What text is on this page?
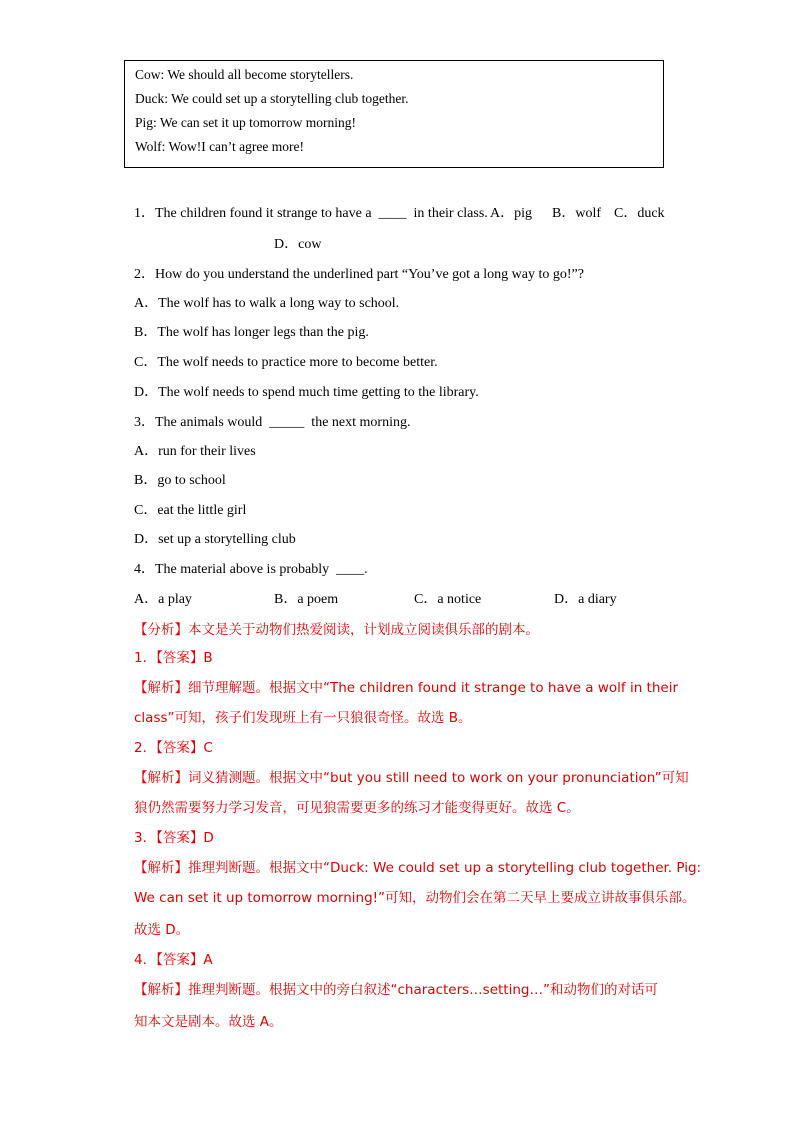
Cow: We should all become storytellers.
Duck: We could set up a storytelling club together.
Pig: We can set it up tomorrow morning!
Wolf: Wow!I can’t agree more!
1．The children found it strange to have a  ____  in their class. A．pig B．wolf C．duck
D．cow
2．How do you understand the underlined part “You’ve got a long way to go!”?
A．The wolf has to walk a long way to school.
B．The wolf has longer legs than the pig.
C．The wolf needs to practice more to become better.
D．The wolf needs to spend much time getting to the library.
3．The animals would  _____  the next morning.
A．run for their lives
B．go to school
C．eat the little girl
D．set up a storytelling club
4．The material above is probably  ____.
A．a play	B．a poem	C．a notice	D．a diary
【分析】本文是关于动物们热爱阅读，计划成立阅读俱乐部的剧本。
1．【答案】B
【解析】细节理解题。根据文中“The children found it strange to have a wolf in their
class”可知，孩子们发现班上有一只狼很奇怪。故选 B。
2．【答案】C
【解析】词义猜测题。根据文中“but you still need to work on your pronunciation”可知
狼仍然需要努力学习发音，可见狼需要更多的练习才能变得更好。故选 C。
3．【答案】D
【解析】推理判断题。根据文中“Duck: We could set up a storytelling club together. Pig:
We can set it up tomorrow morning!”可知，动物们会在第二天早上要成立讲故事俱乐部。
故选 D。
4．【答案】A
【解析】推理判断题。根据文中的旁白叙述“characters…setting…”和动物们的对话可
知本文是剧本。故选 A。
